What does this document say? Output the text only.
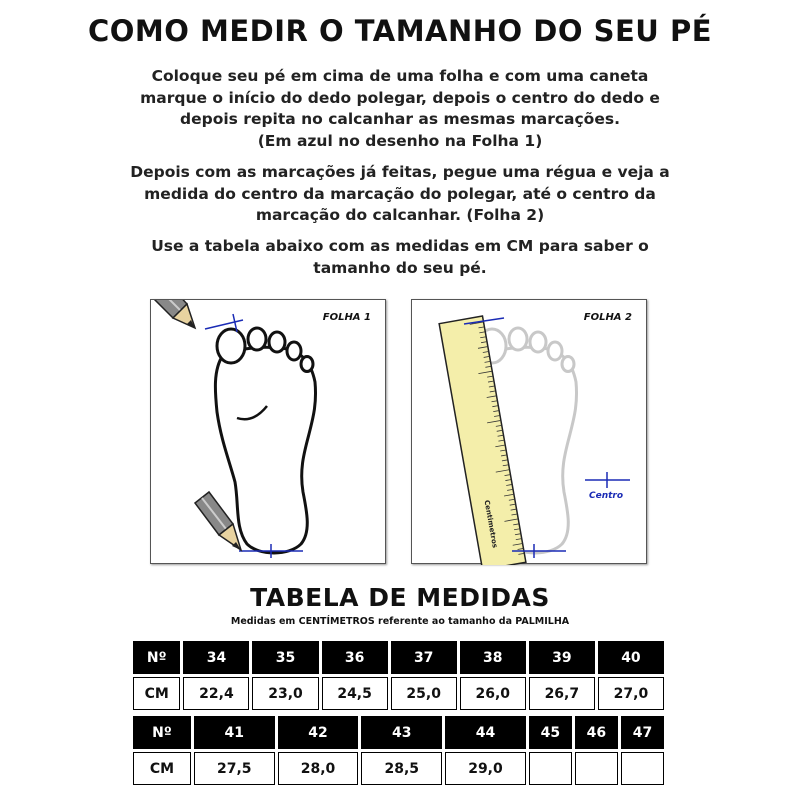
COMO MEDIR O TAMANHO DO SEU PÉ
Coloque seu pé em cima de uma folha e com uma caneta
marque o início do dedo polegar, depois o centro do dedo e
depois repita no calcanhar as mesmas marcações.
(Em azul no desenho na Folha 1)
Depois com as marcações já feitas, pegue uma régua e veja a
medida do centro da marcação do polegar, até o centro da
marcação do calcanhar. (Folha 2)
Use a tabela abaixo com as medidas em CM para saber o
tamanho do seu pé.
FOLHA 1
Centimetros
FOLHA 2
Centro
TABELA DE MEDIDAS
Medidas em CENTÍMETROS referente ao tamanho da PALMILHA
Nº	34	35	36	37	38	39	40
CM	22,4	23,0	24,5	25,0	26,0	26,7	27,0
Nº	41	42	43	44	45	46	47
CM	27,5	28,0	28,5	29,0			
